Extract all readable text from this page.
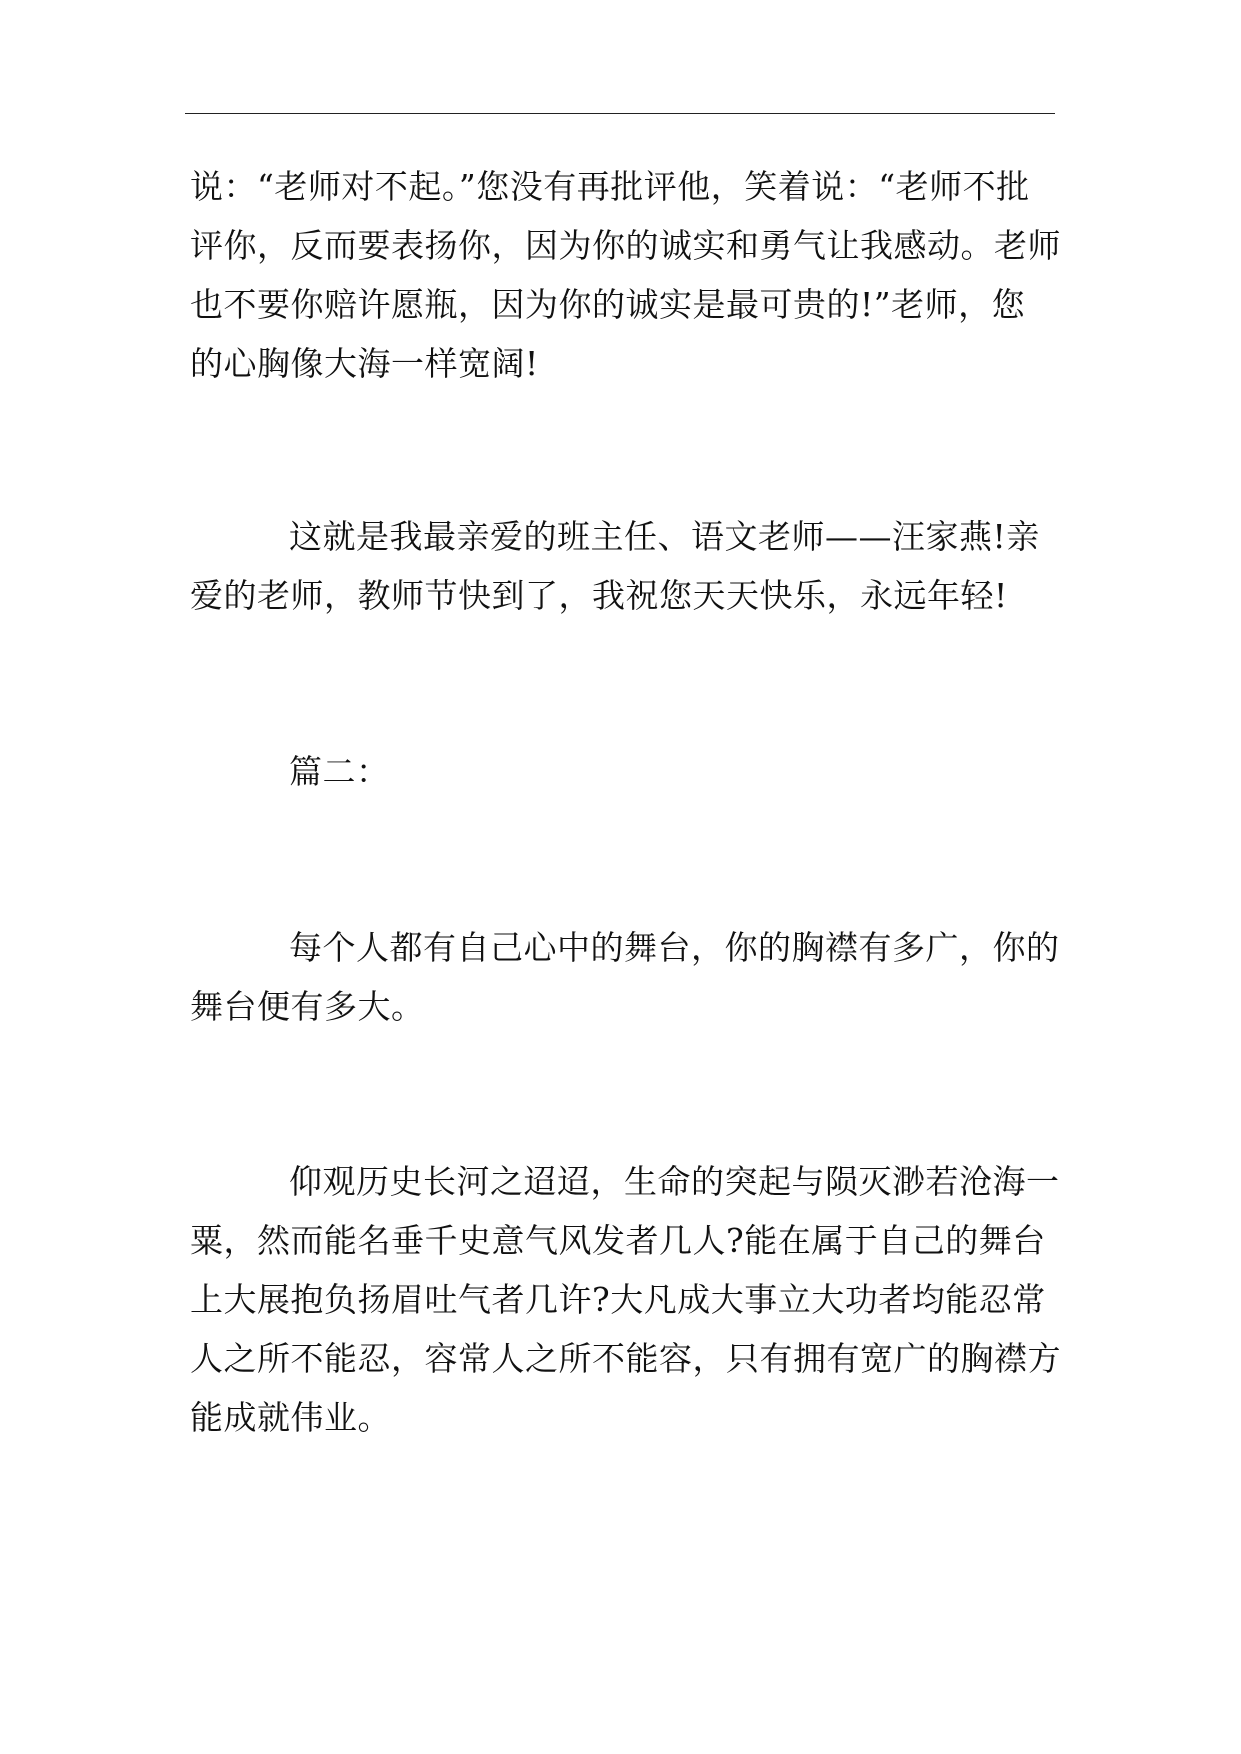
说：“老师对不起。”您没有再批评他，笑着说：“老师不批
评你，反而要表扬你，因为你的诚实和勇气让我感动。老师
也不要你赔许愿瓶，因为你的诚实是最可贵的!”老师，您
的心胸像大海一样宽阔!

这就是我最亲爱的班主任、语文老师——汪家燕!亲
爱的老师，教师节快到了，我祝您天天快乐，永远年轻!

篇二：

每个人都有自己心中的舞台，你的胸襟有多广，你的
舞台便有多大。

仰观历史长河之迢迢，生命的突起与陨灭渺若沧海一
粟，然而能名垂千史意气风发者几人?能在属于自己的舞台
上大展抱负扬眉吐气者几许?大凡成大事立大功者均能忍常
人之所不能忍，容常人之所不能容，只有拥有宽广的胸襟方
能成就伟业。
